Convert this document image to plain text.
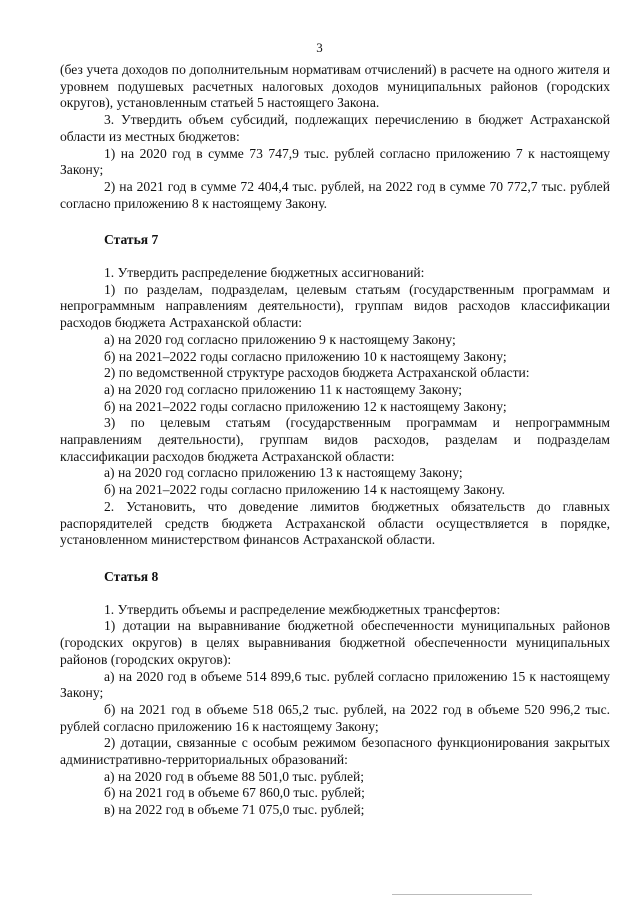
3

(без учета доходов по дополнительным нормативам отчислений) в расчете на одного жителя и уровнем подушевых расчетных налоговых доходов муниципальных районов (городских округов), установленным статьей 5 настоящего Закона.

3. Утвердить объем субсидий, подлежащих перечислению в бюджет Астраханской области из местных бюджетов:

1) на 2020 год в сумме 73 747,9 тыс. рублей согласно приложению 7 к настоящему Закону;

2) на 2021 год в сумме 72 404,4 тыс. рублей, на 2022 год в сумме 70 772,7 тыс. рублей согласно приложению 8 к настоящему Закону.

Статья 7

1. Утвердить распределение бюджетных ассигнований:

1) по разделам, подразделам, целевым статьям (государственным программам и непрограммным направлениям деятельности), группам видов расходов классификации расходов бюджета Астраханской области:

а) на 2020 год согласно приложению 9 к настоящему Закону;

б) на 2021–2022 годы согласно приложению 10 к настоящему Закону;

2) по ведомственной структуре расходов бюджета Астраханской области:

а) на 2020 год согласно приложению 11 к настоящему Закону;

б) на 2021–2022 годы согласно приложению 12 к настоящему Закону;

3) по целевым статьям (государственным программам и непрограммным направлениям деятельности), группам видов расходов, разделам и подразделам классификации расходов бюджета Астраханской области:

а) на 2020 год согласно приложению 13 к настоящему Закону;

б) на 2021–2022 годы согласно приложению 14 к настоящему Закону.

2. Установить, что доведение лимитов бюджетных обязательств до главных распорядителей средств бюджета Астраханской области осуществляется в порядке, установленном министерством финансов Астраханской области.

Статья 8

1. Утвердить объемы и распределение межбюджетных трансфертов:

1) дотации на выравнивание бюджетной обеспеченности муниципальных районов (городских округов) в целях выравнивания бюджетной обеспеченности муниципальных районов (городских округов):

а) на 2020 год в объеме 514 899,6 тыс. рублей согласно приложению 15 к настоящему Закону;

б) на 2021 год в объеме 518 065,2 тыс. рублей, на 2022 год в объеме 520 996,2 тыс. рублей согласно приложению 16 к настоящему Закону;

2) дотации, связанные с особым режимом безопасного функционирования закрытых административно-территориальных образований:

а) на 2020 год в объеме 88 501,0 тыс. рублей;

б) на 2021 год в объеме 67 860,0 тыс. рублей;

в) на 2022 год в объеме 71 075,0 тыс. рублей;
